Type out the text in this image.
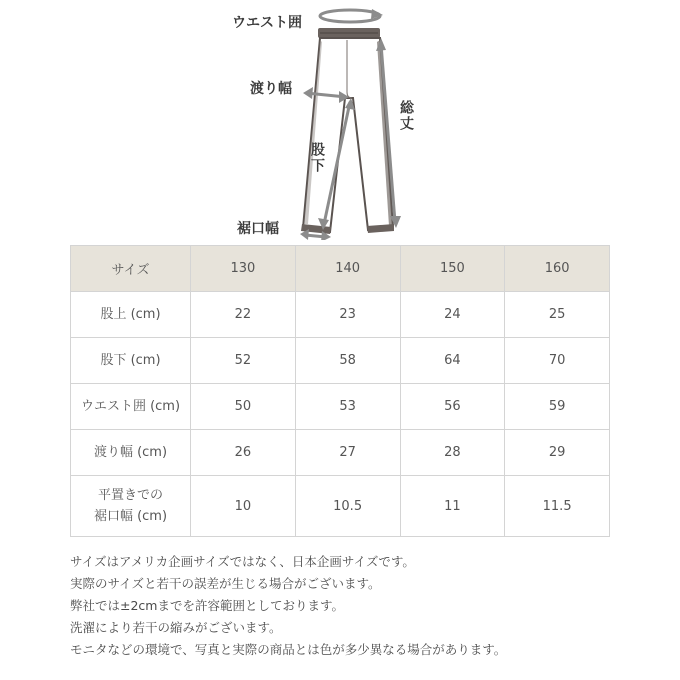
ウエスト囲
渡り幅
総丈
股下
裾口幅
サイズ	130	140	150	160
股上 (cm)	22	23	24	25
股下 (cm)	52	58	64	70
ウエスト囲 (cm)	50	53	56	59
渡り幅 (cm)	26	27	28	29
平置きでの
裾口幅 (cm)	10	10.5	11	11.5
サイズはアメリカ企画サイズではなく、日本企画サイズです。
実際のサイズと若干の誤差が生じる場合がございます。
弊社では±2cmまでを許容範囲としております。
洗濯により若干の縮みがございます。
モニタなどの環境で、写真と実際の商品とは色が多少異なる場合があります。
